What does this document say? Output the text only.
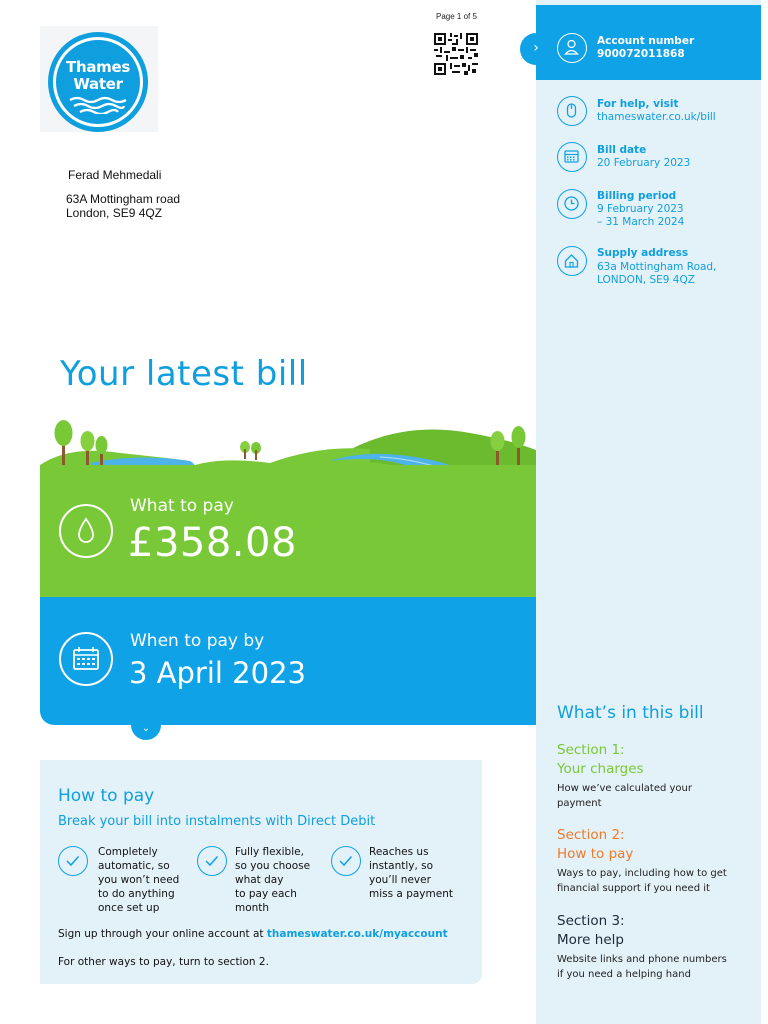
Thames
Water
Page 1 of 5
Ferad Mehmedali
63A Mottingham road
London, SE9 4QZ
›	Account number
900072011868
For help, visit
thameswater.co.uk/bill
Bill date
20 February 2023
Billing period
9 February 2023
– 31 March 2024
Supply address
63a Mottingham Road,
LONDON, SE9 4QZ
What’s in this bill
Section 1:
Your charges
How we’ve calculated your
payment
Section 2:
How to pay
Ways to pay, including how to get
financial support if you need it
Section 3:
More help
Website links and phone numbers
if you need a helping hand
Your latest bill
What to pay
£358.08
When to pay by
3 April 2023
⌄
How to pay
Break your bill into instalments with Direct Debit
Completely
automatic, so
you won’t need
to do anything
once set up
Fully flexible,
so you choose
what day
to pay each
month
Reaches us
instantly, so
you’ll never
miss a payment
Sign up through your online account at thameswater.co.uk/myaccount
For other ways to pay, turn to section 2.
